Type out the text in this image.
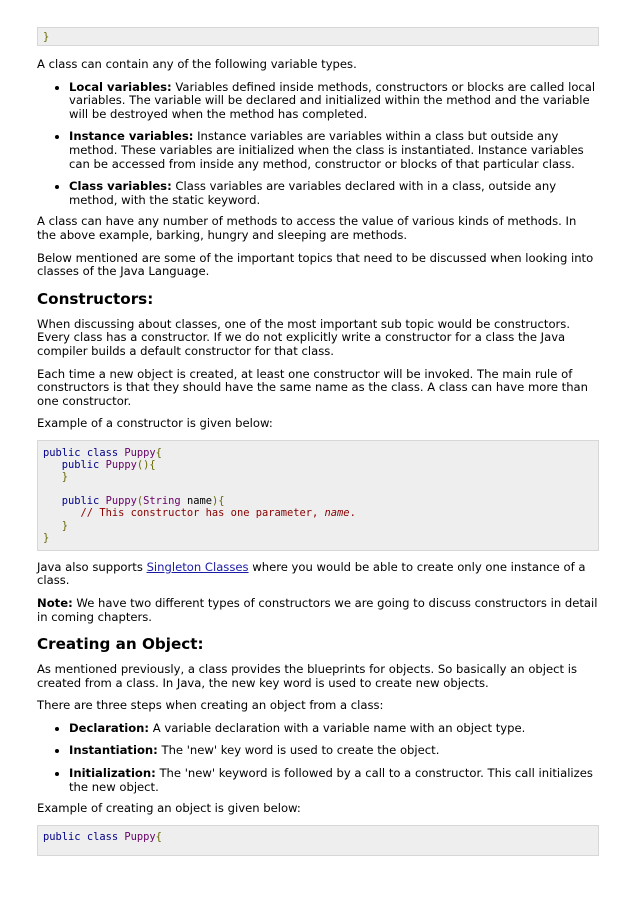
}

A class can contain any of the following variable types.

• Local variables: Variables defined inside methods, constructors or blocks are called local variables. The variable will be declared and initialized within the method and the variable will be destroyed when the method has completed.
• Instance variables: Instance variables are variables within a class but outside any method. These variables are initialized when the class is instantiated. Instance variables can be accessed from inside any method, constructor or blocks of that particular class.
• Class variables: Class variables are variables declared with in a class, outside any method, with the static keyword.

A class can have any number of methods to access the value of various kinds of methods. In the above example, barking, hungry and sleeping are methods.

Below mentioned are some of the important topics that need to be discussed when looking into classes of the Java Language.

Constructors:

When discussing about classes, one of the most important sub topic would be constructors. Every class has a constructor. If we do not explicitly write a constructor for a class the Java compiler builds a default constructor for that class.

Each time a new object is created, at least one constructor will be invoked. The main rule of constructors is that they should have the same name as the class. A class can have more than one constructor.

Example of a constructor is given below:

public class Puppy{
public Puppy(){
}

public Puppy(String name){
// This constructor has one parameter, name.
}
}

Java also supports Singleton Classes where you would be able to create only one instance of a class.

Note: We have two different types of constructors we are going to discuss constructors in detail in coming chapters.

Creating an Object:

As mentioned previously, a class provides the blueprints for objects. So basically an object is created from a class. In Java, the new key word is used to create new objects.

There are three steps when creating an object from a class:

• Declaration: A variable declaration with a variable name with an object type.
• Instantiation: The 'new' key word is used to create the object.
• Initialization: The 'new' keyword is followed by a call to a constructor. This call initializes the new object.

Example of creating an object is given below:

public class Puppy{
